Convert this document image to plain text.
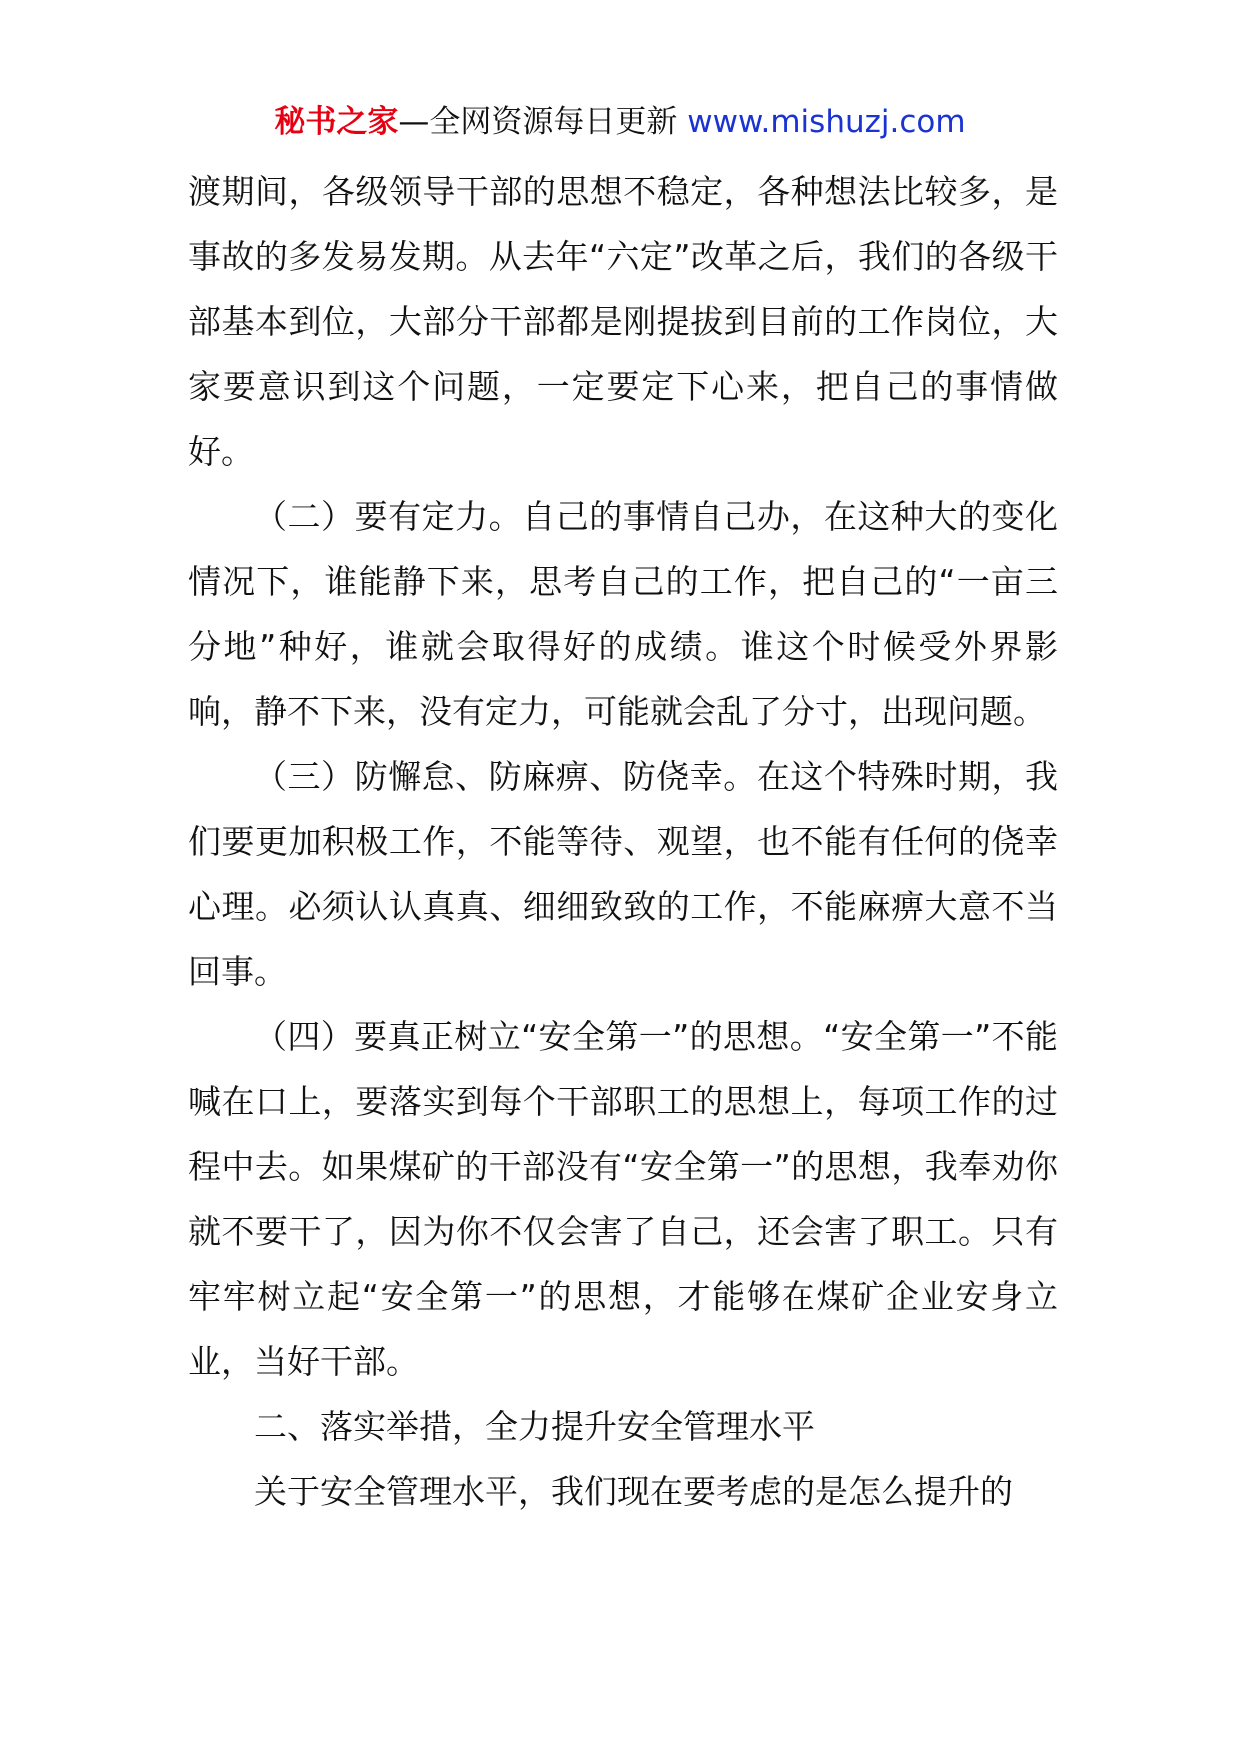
秘书之家—全网资源每日更新 www.mishuzj.com

渡期间，各级领导干部的思想不稳定，各种想法比较多，是事故的多发易发期。从去年“六定”改革之后，我们的各级干部基本到位，大部分干部都是刚提拔到目前的工作岗位，大家要意识到这个问题，一定要定下心来，把自己的事情做好。

（二）要有定力。自己的事情自己办，在这种大的变化情况下，谁能静下来，思考自己的工作，把自己的“一亩三分地”种好，谁就会取得好的成绩。谁这个时候受外界影响，静不下来，没有定力，可能就会乱了分寸，出现问题。

（三）防懈怠、防麻痹、防侥幸。在这个特殊时期，我们要更加积极工作，不能等待、观望，也不能有任何的侥幸心理。必须认认真真、细细致致的工作，不能麻痹大意不当回事。

（四）要真正树立“安全第一”的思想。“安全第一”不能喊在口上，要落实到每个干部职工的思想上，每项工作的过程中去。如果煤矿的干部没有“安全第一”的思想，我奉劝你就不要干了，因为你不仅会害了自己，还会害了职工。只有牢牢树立起“安全第一”的思想，才能够在煤矿企业安身立业，当好干部。

二、落实举措，全力提升安全管理水平

关于安全管理水平，我们现在要考虑的是怎么提升的
